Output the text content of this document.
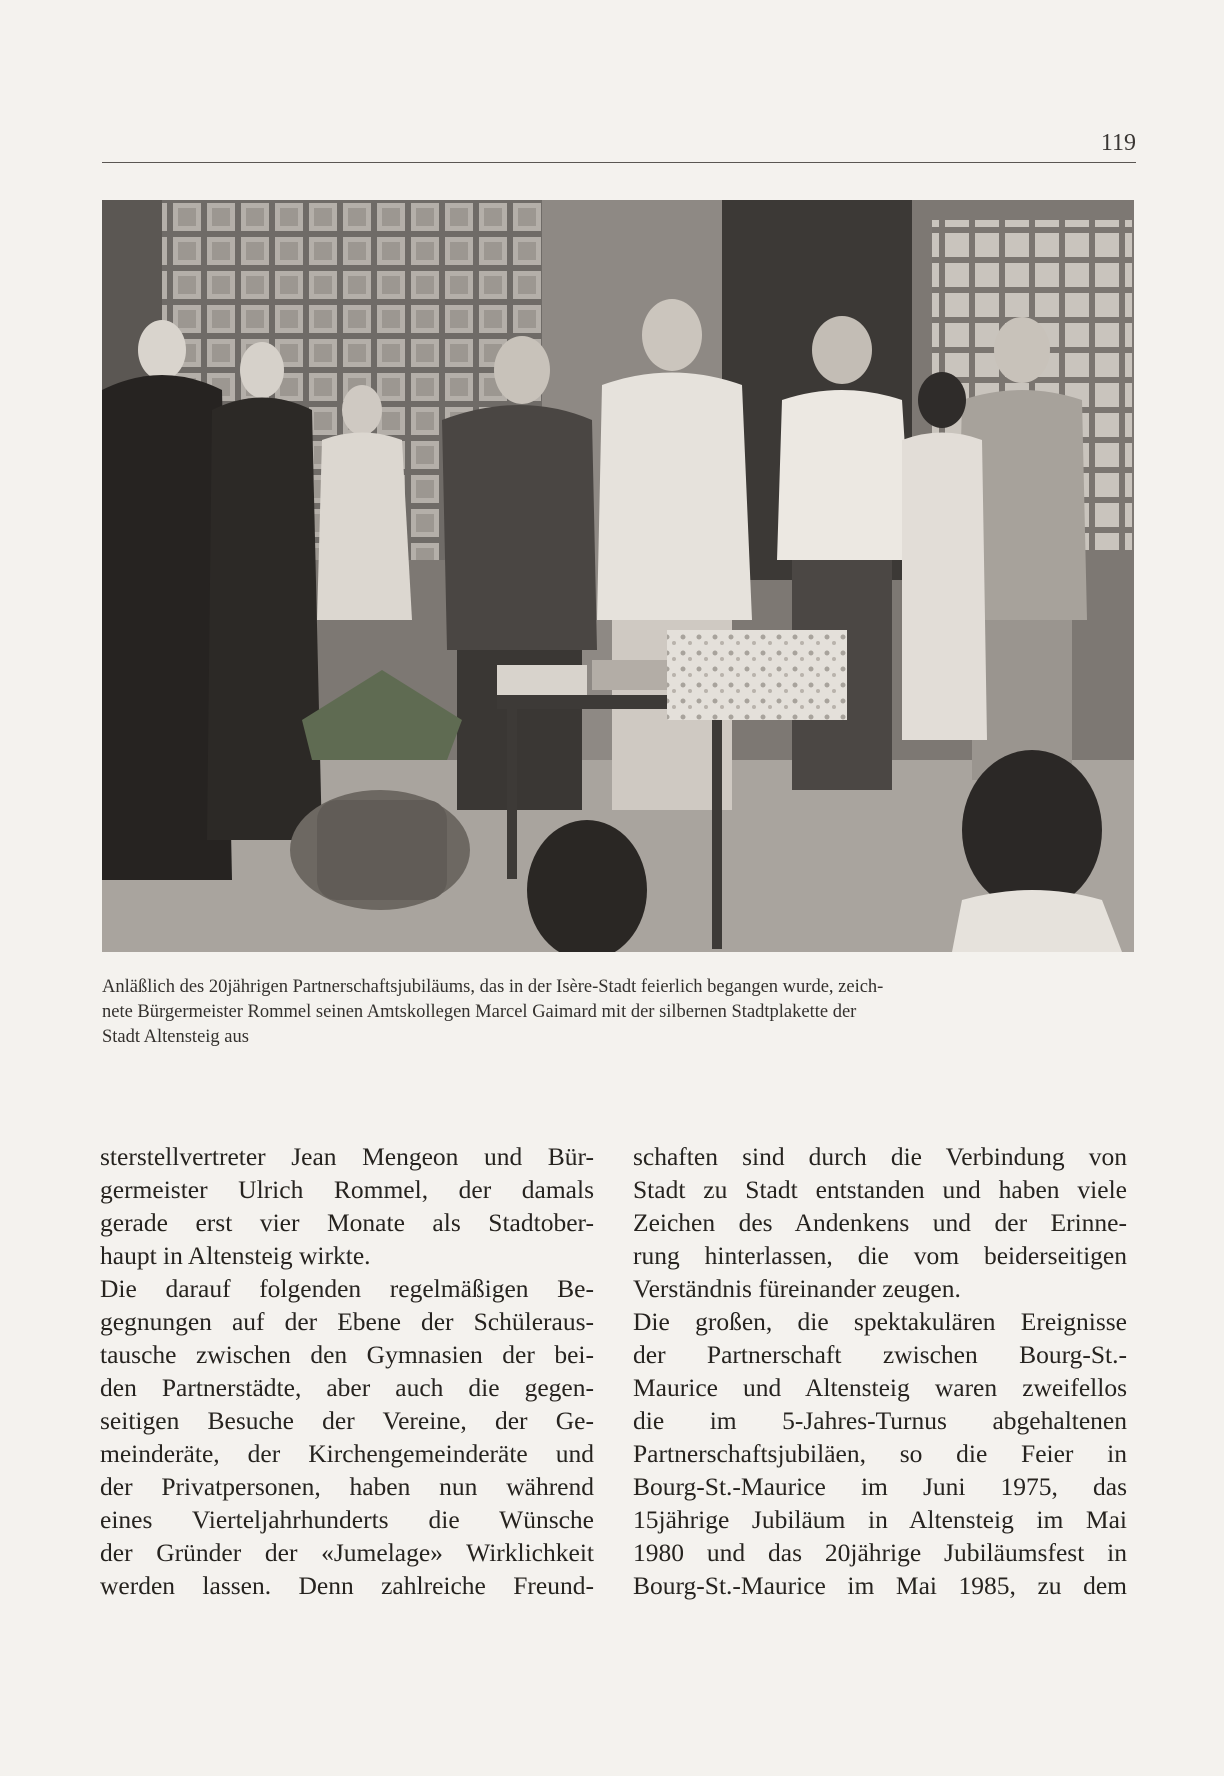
119
Anläßlich des 20jährigen Partnerschaftsjubiläums, das in der Isère-Stadt feierlich begangen wurde, zeich-
nete Bürgermeister Rommel seinen Amtskollegen Marcel Gaimard mit der silbernen Stadtplakette der
Stadt Altensteig aus
sterstellvertreter Jean Mengeon und Bür-
germeister Ulrich Rommel, der damals
gerade erst vier Monate als Stadtober-
haupt in Altensteig wirkte.
Die darauf folgenden regelmäßigen Be-
gegnungen auf der Ebene der Schüleraus-
tausche zwischen den Gymnasien der bei-
den Partnerstädte, aber auch die gegen-
seitigen Besuche der Vereine, der Ge-
meinderäte, der Kirchengemeinderäte und
der Privatpersonen, haben nun während
eines Vierteljahrhunderts die Wünsche
der Gründer der «Jumelage» Wirklichkeit
werden lassen. Denn zahlreiche Freund-
schaften sind durch die Verbindung von
Stadt zu Stadt entstanden und haben viele
Zeichen des Andenkens und der Erinne-
rung hinterlassen, die vom beiderseitigen
Verständnis füreinander zeugen.
Die großen, die spektakulären Ereignisse
der Partnerschaft zwischen Bourg-St.-
Maurice und Altensteig waren zweifellos
die im 5-Jahres-Turnus abgehaltenen
Partnerschaftsjubiläen, so die Feier in
Bourg-St.-Maurice im Juni 1975, das
15jährige Jubiläum in Altensteig im Mai
1980 und das 20jährige Jubiläumsfest in
Bourg-St.-Maurice im Mai 1985, zu dem
